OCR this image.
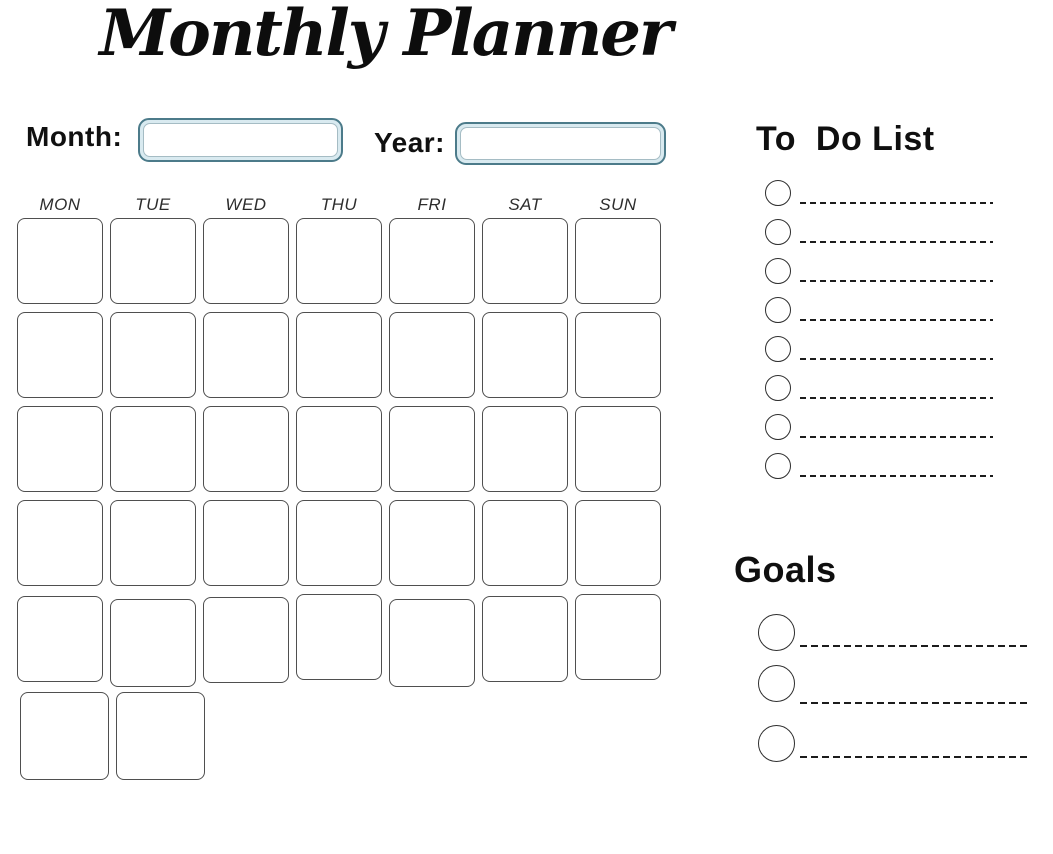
Monthly Planner
Month:	Year:
MON	TUE	WED	THU	FRI	SAT	SUN
To  Do List
Goals
